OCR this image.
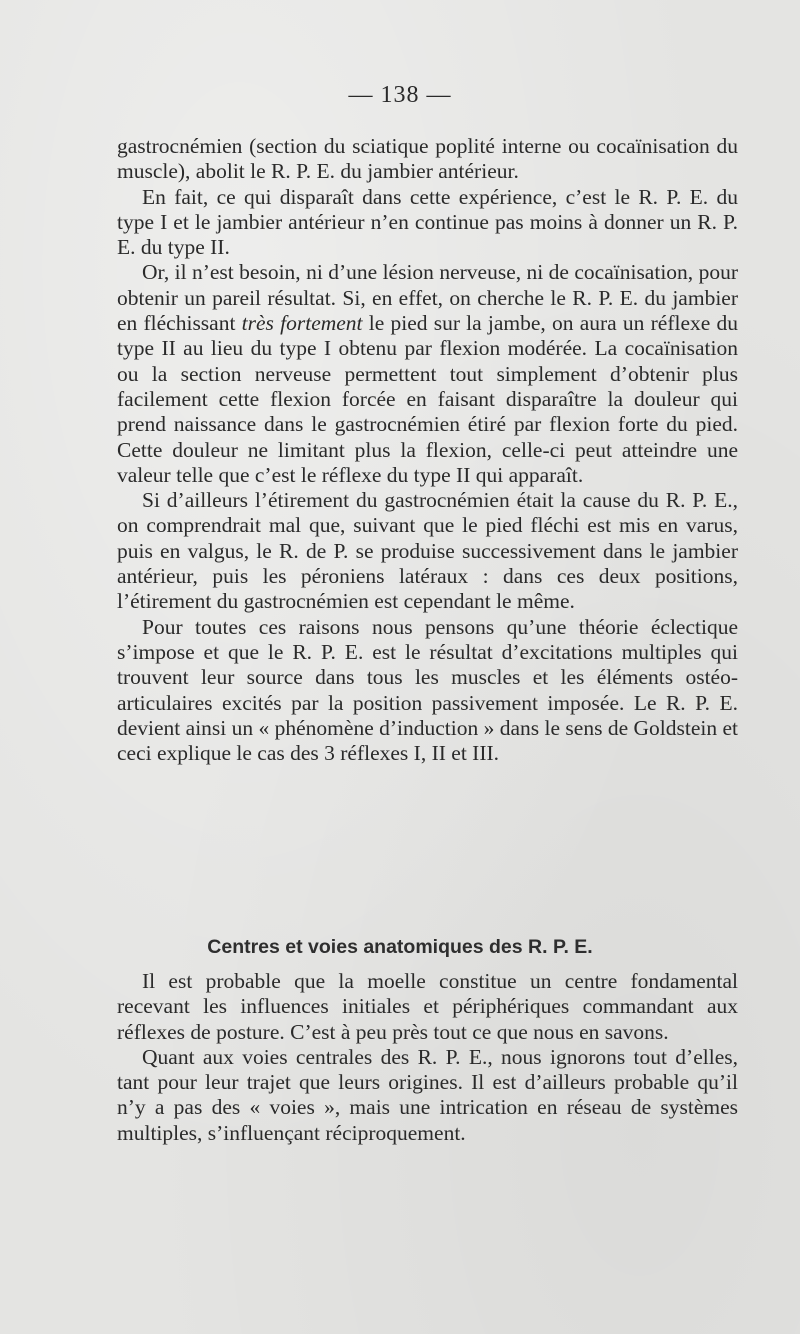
— 138 —

gastrocnémien (section du sciatique poplité interne ou cocaïnisation du muscle), abolit le R. P. E. du jambier antérieur.

En fait, ce qui disparaît dans cette expérience, c’est le R. P. E. du type I et le jambier antérieur n’en continue pas moins à donner un R. P. E. du type II.

Or, il n’est besoin, ni d’une lésion nerveuse, ni de cocaïnisation, pour obtenir un pareil résultat. Si, en effet, on cherche le R. P. E. du jambier en fléchissant très fortement le pied sur la jambe, on aura un réflexe du type II au lieu du type I obtenu par flexion modérée. La cocaïnisation ou la section nerveuse permettent tout simplement d’obtenir plus facilement cette flexion forcée en faisant disparaître la douleur qui prend naissance dans le gastrocnémien étiré par flexion forte du pied. Cette douleur ne limitant plus la flexion, celle-ci peut atteindre une valeur telle que c’est le réflexe du type II qui apparaît.

Si d’ailleurs l’étirement du gastrocnémien était la cause du R. P. E., on comprendrait mal que, suivant que le pied fléchi est mis en varus, puis en valgus, le R. de P. se produise successivement dans le jambier antérieur, puis les péroniens latéraux : dans ces deux positions, l’étirement du gastrocnémien est cependant le même.

Pour toutes ces raisons nous pensons qu’une théorie éclectique s’impose et que le R. P. E. est le résultat d’excitations multiples qui trouvent leur source dans tous les muscles et les éléments ostéo-articulaires excités par la position passivement imposée. Le R. P. E. devient ainsi un « phénomène d’induction » dans le sens de Goldstein et ceci explique le cas des 3 réflexes I, II et III.

Centres et voies anatomiques des R. P. E.

Il est probable que la moelle constitue un centre fondamental recevant les influences initiales et périphériques commandant aux réflexes de posture. C’est à peu près tout ce que nous en savons.

Quant aux voies centrales des R. P. E., nous ignorons tout d’elles, tant pour leur trajet que leurs origines. Il est d’ailleurs probable qu’il n’y a pas des « voies », mais une intrication en réseau de systèmes multiples, s’influençant réciproquement.
